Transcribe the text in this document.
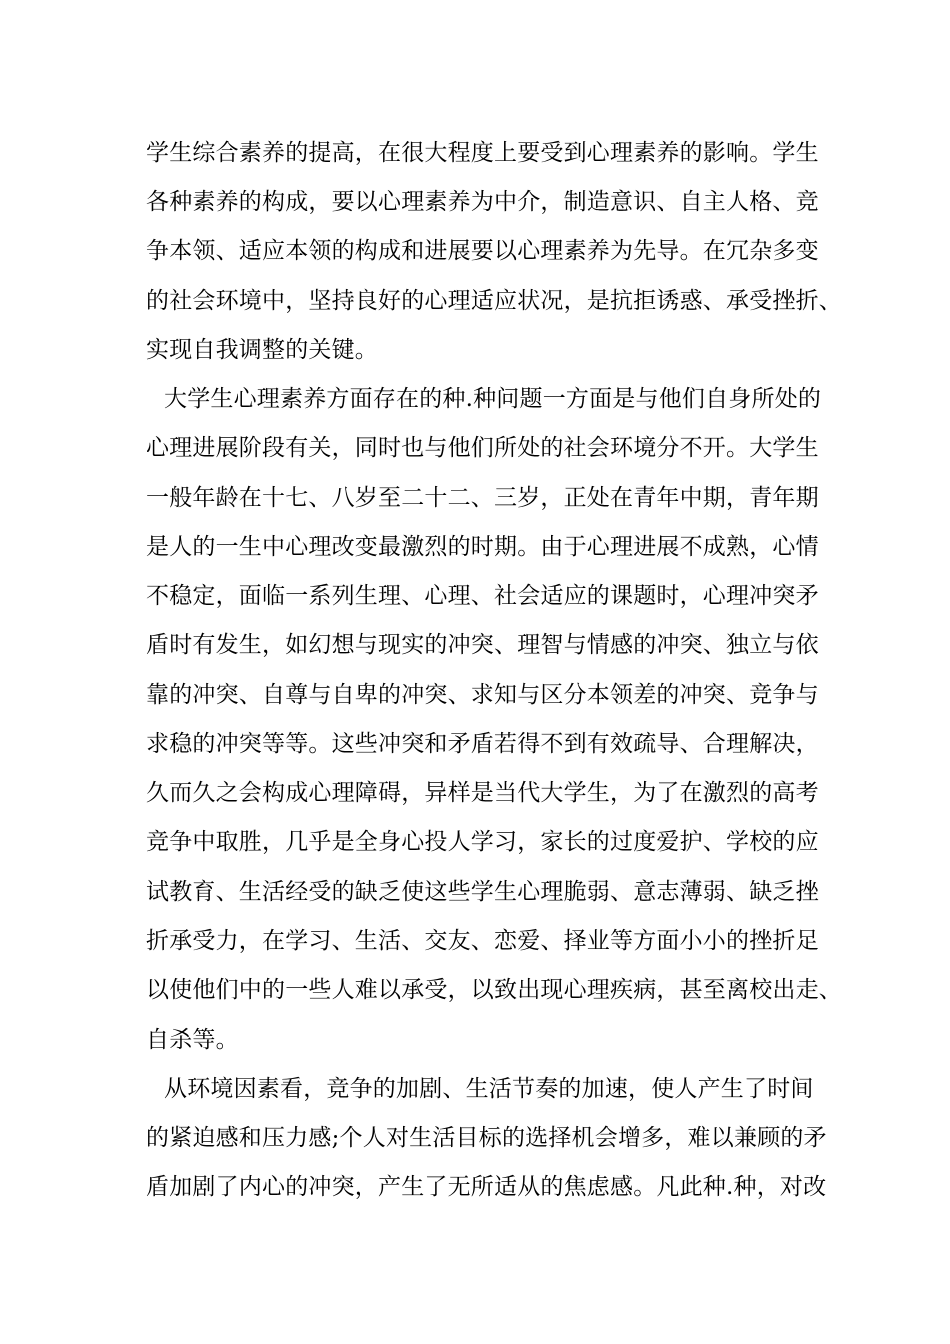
学生综合素养的提高，在很大程度上要受到心理素养的影响。学生
各种素养的构成，要以心理素养为中介，制造意识、自主人格、竞
争本领、适应本领的构成和进展要以心理素养为先导。在冗杂多变
的社会环境中，坚持良好的心理适应状况，是抗拒诱惑、承受挫折、
实现自我调整的关键。
大学生心理素养方面存在的种.种问题一方面是与他们自身所处的
心理进展阶段有关，同时也与他们所处的社会环境分不开。大学生
一般年龄在十七、八岁至二十二、三岁，正处在青年中期，青年期
是人的一生中心理改变最激烈的时期。由于心理进展不成熟，心情
不稳定，面临一系列生理、心理、社会适应的课题时，心理冲突矛
盾时有发生，如幻想与现实的冲突、理智与情感的冲突、独立与依
靠的冲突、自尊与自卑的冲突、求知与区分本领差的冲突、竞争与
求稳的冲突等等。这些冲突和矛盾若得不到有效疏导、合理解决，
久而久之会构成心理障碍，异样是当代大学生，为了在激烈的高考
竞争中取胜，几乎是全身心投人学习，家长的过度爱护、学校的应
试教育、生活经受的缺乏使这些学生心理脆弱、意志薄弱、缺乏挫
折承受力，在学习、生活、交友、恋爱、择业等方面小小的挫折足
以使他们中的一些人难以承受，以致出现心理疾病，甚至离校出走、
自杀等。
从环境因素看，竞争的加剧、生活节奏的加速，使人产生了时间
的紧迫感和压力感;个人对生活目标的选择机会增多，难以兼顾的矛
盾加剧了内心的冲突，产生了无所适从的焦虑感。凡此种.种，对改
